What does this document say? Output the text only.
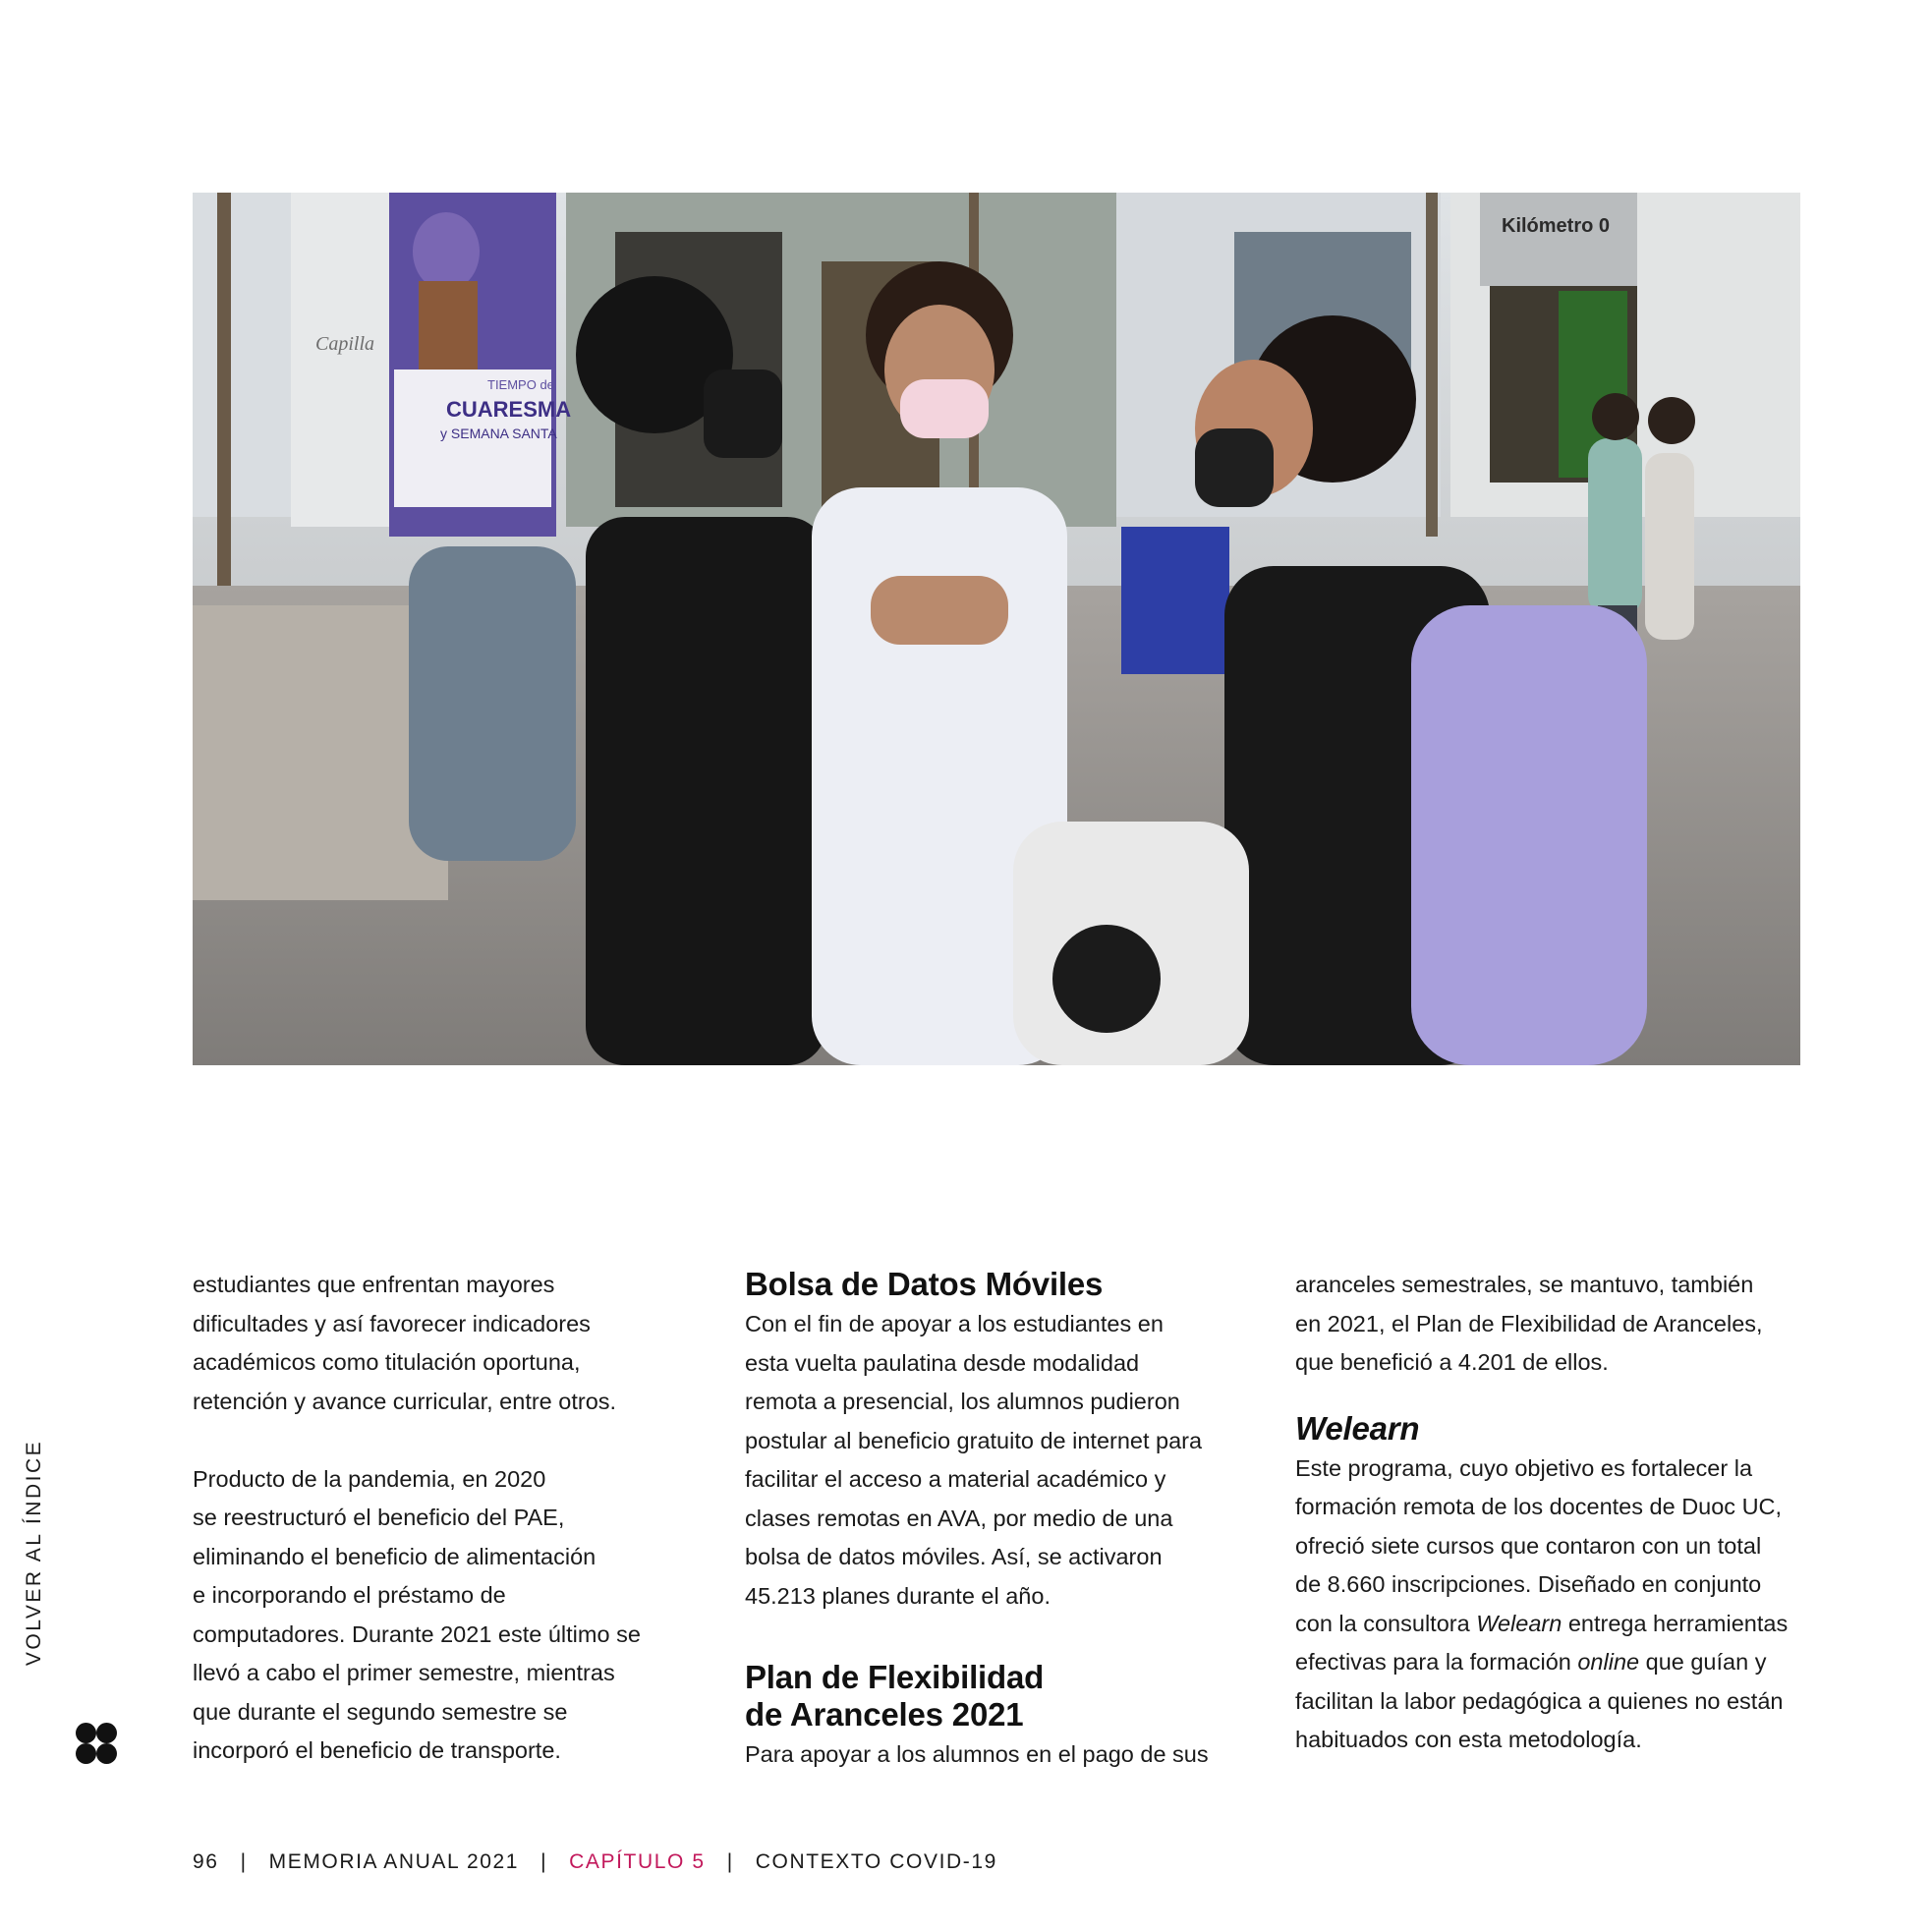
Kilómetro 0
Capilla
TIEMPO de
CUARESMA
y SEMANA SANTA

estudiantes que enfrentan mayores
dificultades y así favorecer indicadores
académicos como titulación oportuna,
retención y avance curricular, entre otros.

Producto de la pandemia, en 2020
se reestructuró el beneficio del PAE,
eliminando el beneficio de alimentación
e incorporando el préstamo de
computadores. Durante 2021 este último se
llevó a cabo el primer semestre, mientras
que durante el segundo semestre se
incorporó el beneficio de transporte.

Bolsa de Datos Móviles

Con el fin de apoyar a los estudiantes en
esta vuelta paulatina desde modalidad
remota a presencial, los alumnos pudieron
postular al beneficio gratuito de internet para
facilitar el acceso a material académico y
clases remotas en AVA, por medio de una
bolsa de datos móviles. Así, se activaron
45.213 planes durante el año.

Plan de Flexibilidad
de Aranceles 2021

Para apoyar a los alumnos en el pago de sus

aranceles semestrales, se mantuvo, también
en 2021, el Plan de Flexibilidad de Aranceles,
que benefició a 4.201 de ellos.

Welearn

Este programa, cuyo objetivo es fortalecer la
formación remota de los docentes de Duoc UC,
ofreció siete cursos que contaron con un total
de 8.660 inscripciones. Diseñado en conjunto
con la consultora Welearn entrega herramientas
efectivas para la formación online que guían y
facilitan la labor pedagógica a quienes no están
habituados con esta metodología.

VOLVER AL ÍNDICE
96 | MEMORIA ANUAL 2021 | CAPÍTULO 5 | CONTEXTO COVID-19
